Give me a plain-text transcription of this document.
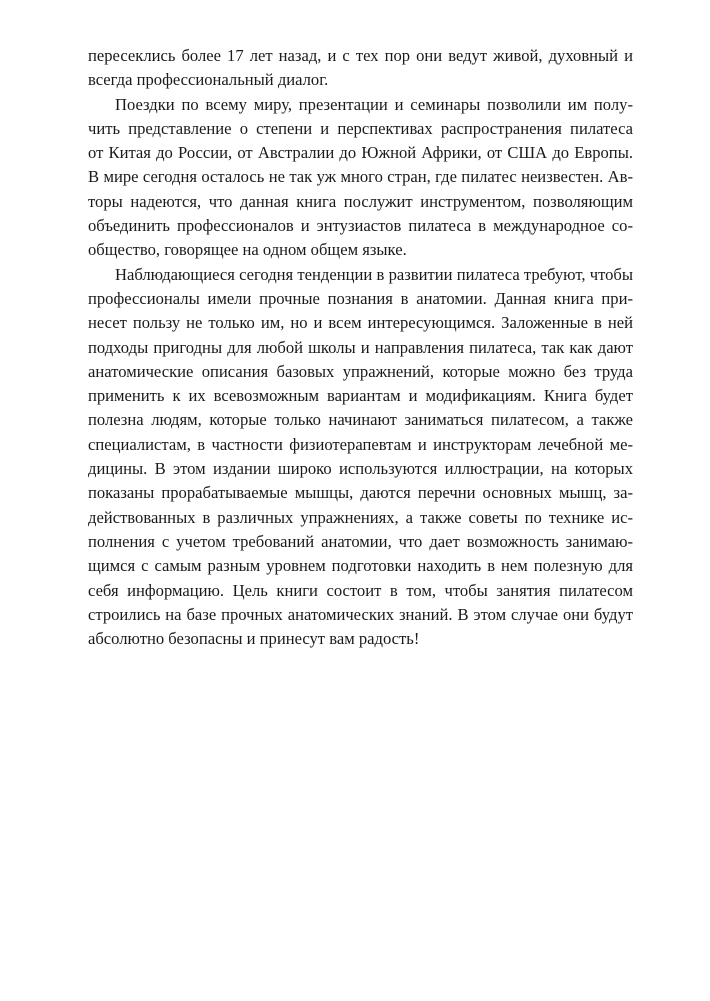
пересеклись более 17 лет назад, и с тех пор они ведут живой, духовный и
всегда профессиональный диалог.
Поездки по всему миру, презентации и семинары позволили им полу-
чить представление о степени и перспективах распространения пилатеса
от Китая до России, от Австралии до Южной Африки, от США до Европы.
В мире сегодня осталось не так уж много стран, где пилатес неизвестен. Ав-
торы надеются, что данная книга послужит инструментом, позволяющим
объединить профессионалов и энтузиастов пилатеса в международное со-
общество, говорящее на одном общем языке.
Наблюдающиеся сегодня тенденции в развитии пилатеса требуют, чтобы
профессионалы имели прочные познания в анатомии. Данная книга при-
несет пользу не только им, но и всем интересующимся. Заложенные в ней
подходы пригодны для любой школы и направления пилатеса, так как дают
анатомические описания базовых упражнений, которые можно без труда
применить к их всевозможным вариантам и модификациям. Книга будет
полезна людям, которые только начинают заниматься пилатесом, а также
специалистам, в частности физиотерапевтам и инструкторам лечебной ме-
дицины. В этом издании широко используются иллюстрации, на которых
показаны прорабатываемые мышцы, даются перечни основных мышц, за-
действованных в различных упражнениях, а также советы по технике ис-
полнения с учетом требований анатомии, что дает возможность занимаю-
щимся с самым разным уровнем подготовки находить в нем полезную для
себя информацию. Цель книги состоит в том, чтобы занятия пилатесом
строились на базе прочных анатомических знаний. В этом случае они будут
абсолютно безопасны и принесут вам радость!
